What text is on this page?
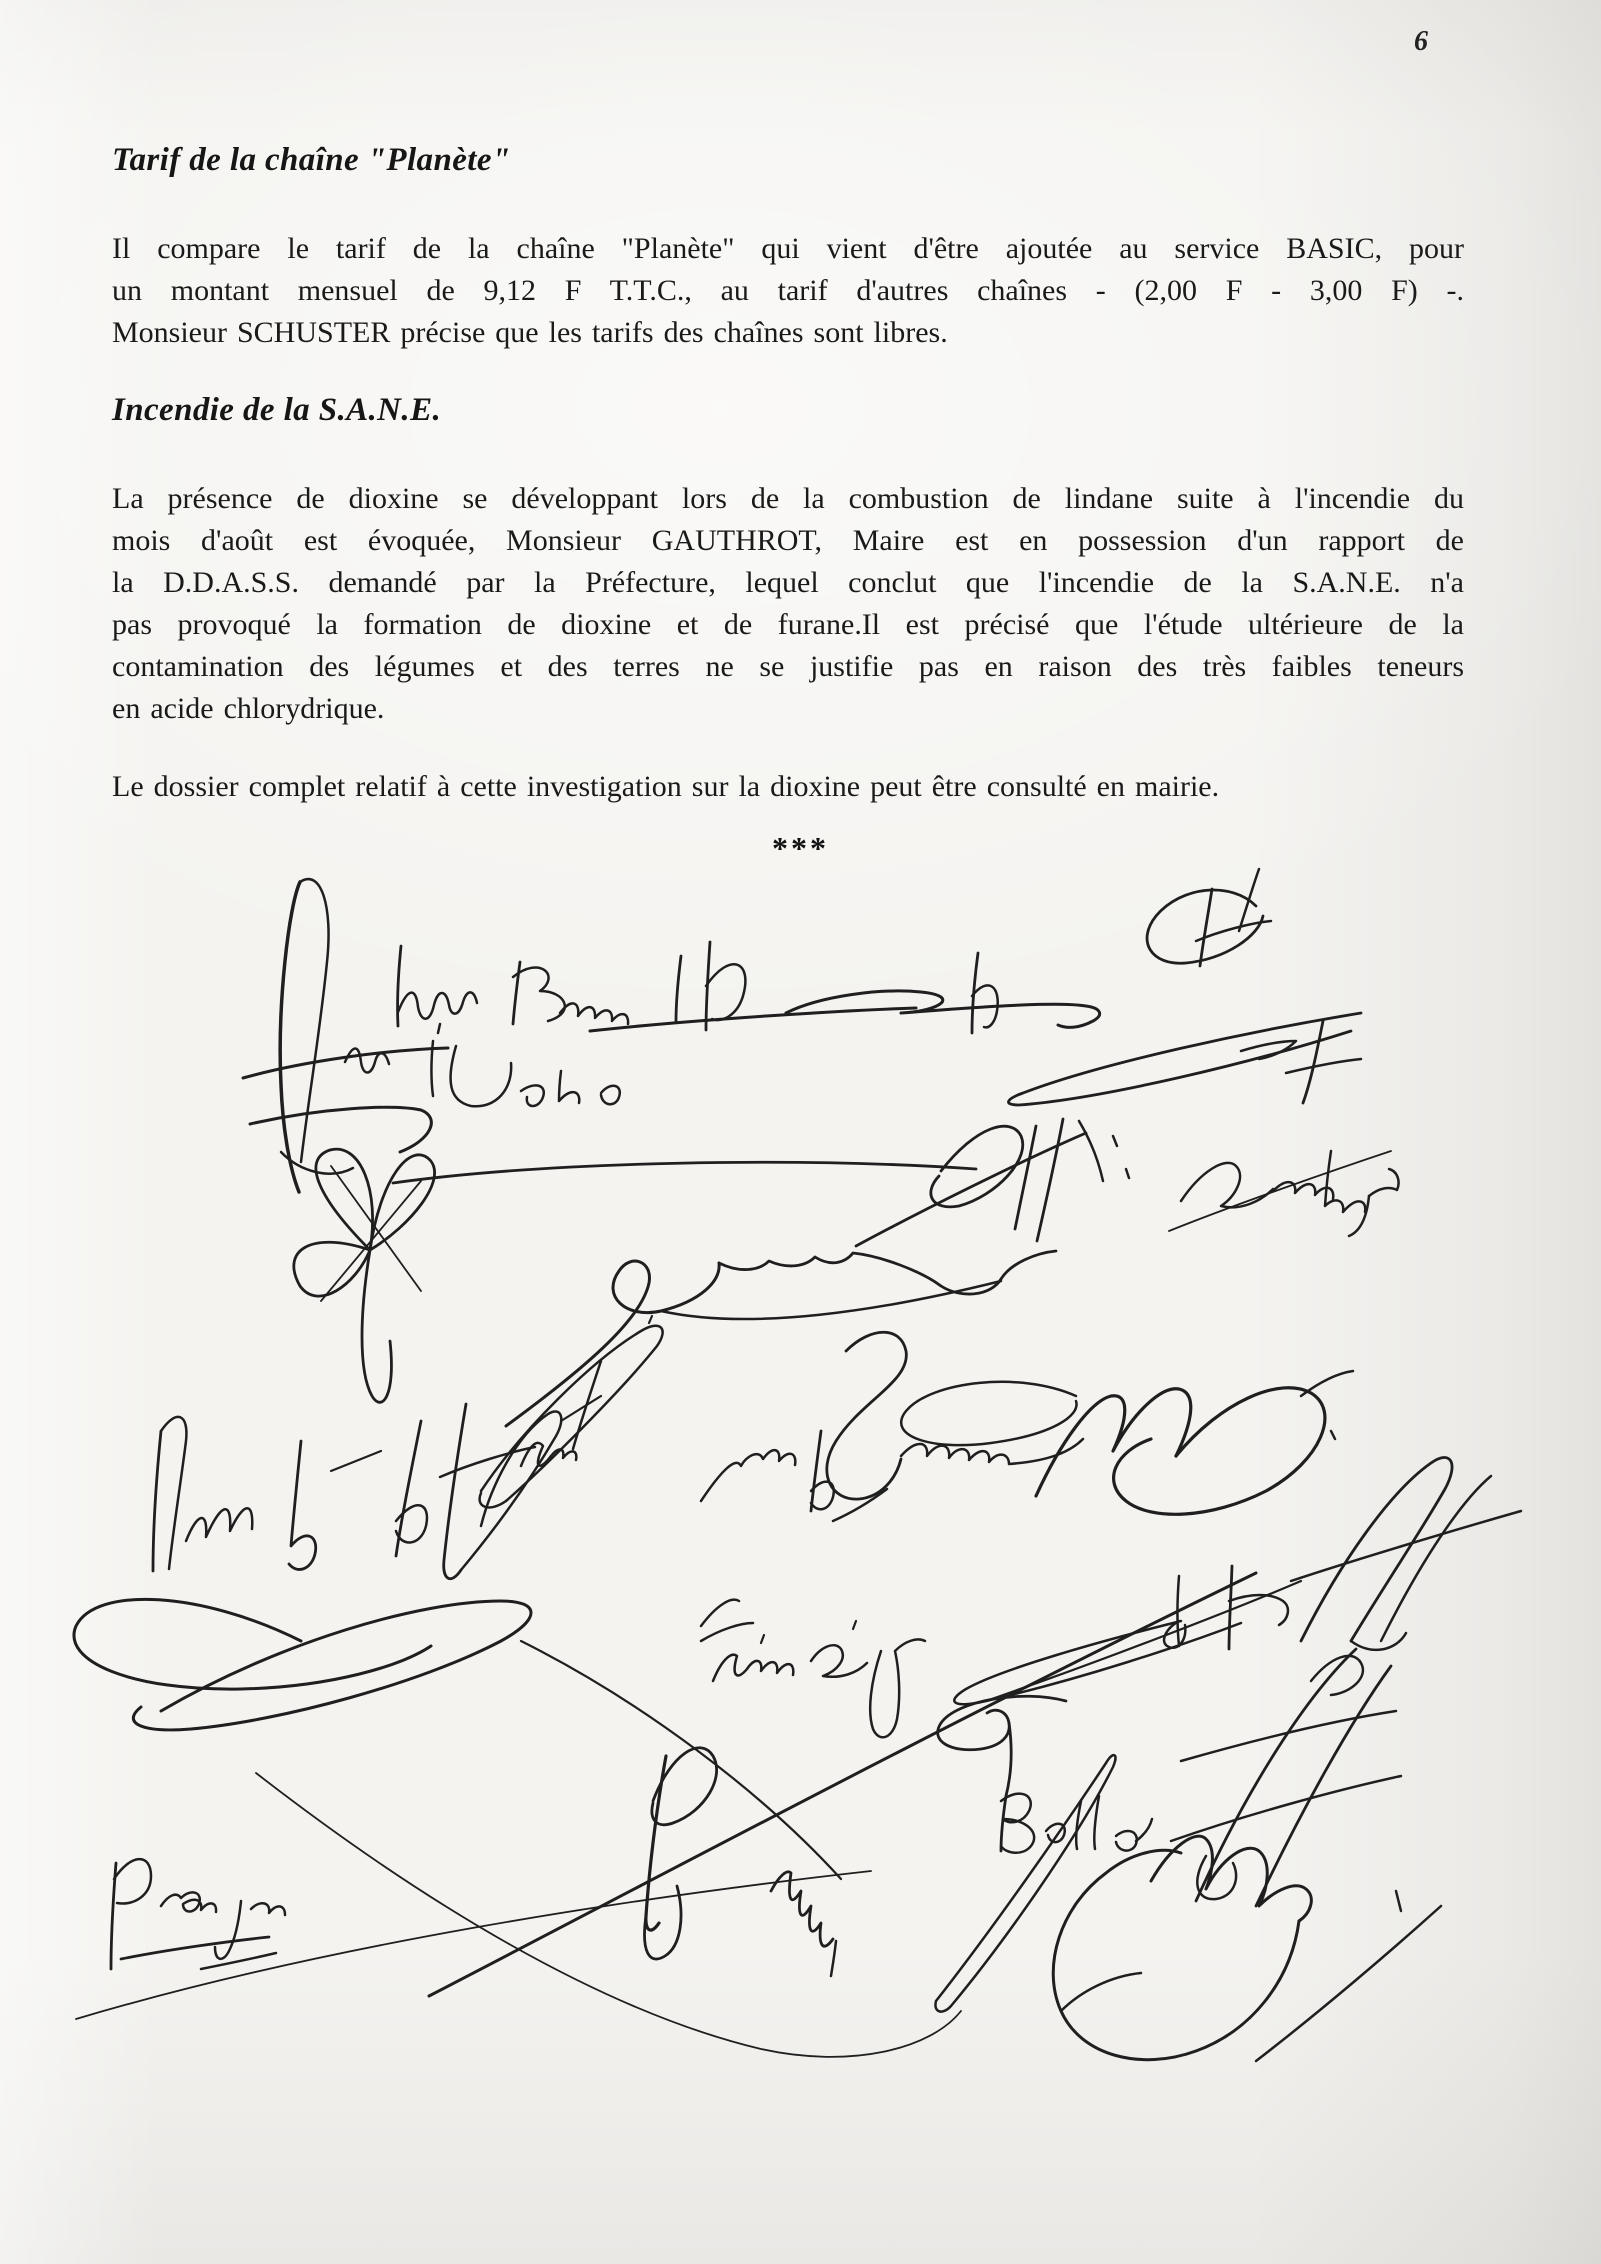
6
Tarif de la chaîne "Planète"
Il compare le tarif de la chaîne "Planète" qui vient d'être ajoutée au service BASIC, pour
un montant mensuel de 9,12 F T.T.C., au tarif d'autres chaînes - (2,00 F - 3,00 F) -.
Monsieur SCHUSTER précise que les tarifs des chaînes sont libres.
Incendie de la S.A.N.E.
La présence de dioxine se développant lors de la combustion de lindane suite à l'incendie du
mois d'août est évoquée, Monsieur GAUTHROT, Maire est en possession d'un rapport de
la D.D.A.S.S. demandé par la Préfecture, lequel conclut que l'incendie de la S.A.N.E. n'a
pas provoqué la formation de dioxine et de furane.Il est précisé que l'étude ultérieure de la
contamination des légumes et des terres ne se justifie pas en raison des très faibles teneurs
en acide chlorydrique.
Le dossier complet relatif à cette investigation sur la dioxine peut être consulté en mairie.
***
